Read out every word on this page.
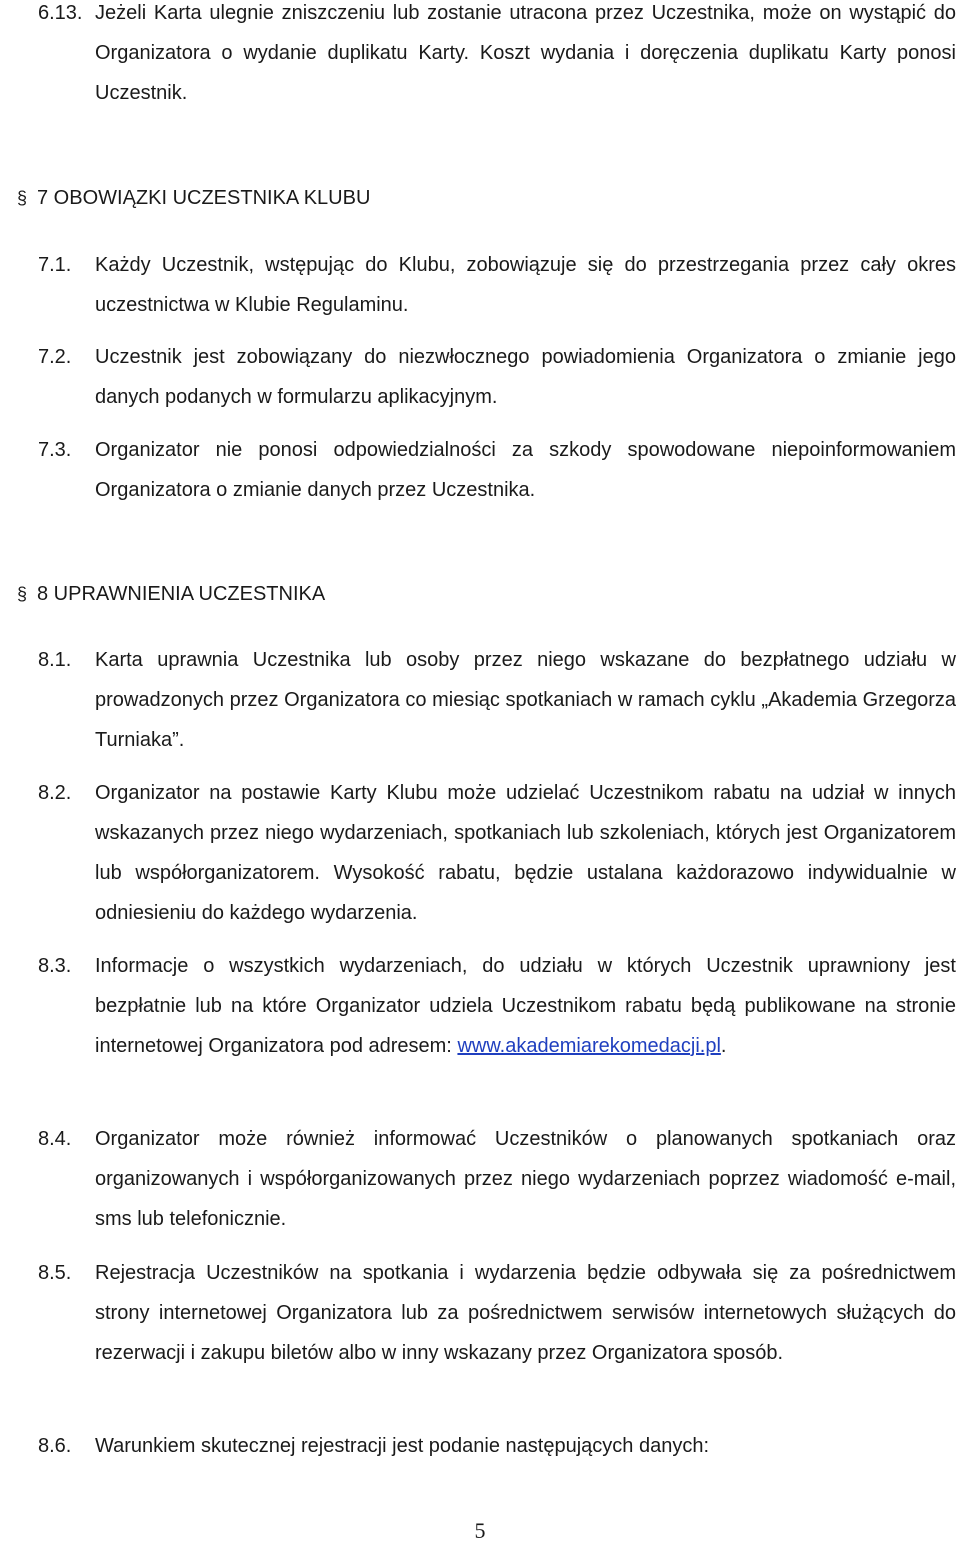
6.13. Jeżeli Karta ulegnie zniszczeniu lub zostanie utracona przez Uczestnika, może on wystąpić do Organizatora o wydanie duplikatu Karty. Koszt wydania i doręczenia duplikatu Karty ponosi Uczestnik.
§ 7 OBOWIĄZKI UCZESTNIKA KLUBU
7.1.	Każdy Uczestnik, wstępując do Klubu, zobowiązuje się do przestrzegania przez cały okres uczestnictwa w Klubie Regulaminu.
7.2.	Uczestnik jest zobowiązany do niezwłocznego powiadomienia Organizatora o zmianie jego danych podanych w formularzu aplikacyjnym.
7.3.	Organizator nie ponosi odpowiedzialności za szkody spowodowane niepoinformowaniem Organizatora o zmianie danych przez Uczestnika.
§ 8 UPRAWNIENIA UCZESTNIKA
8.1.	Karta uprawnia Uczestnika lub osoby przez niego wskazane do bezpłatnego udziału w prowadzonych przez Organizatora co miesiąc spotkaniach w ramach cyklu „Akademia Grzegorza Turniaka”.
8.2.	Organizator na postawie Karty Klubu może udzielać Uczestnikom rabatu na udział w innych wskazanych przez niego wydarzeniach, spotkaniach lub szkoleniach, których jest Organizatorem lub współorganizatorem. Wysokość rabatu, będzie ustalana każdorazowo indywidualnie w odniesieniu do każdego wydarzenia.
8.3.	Informacje o wszystkich wydarzeniach, do udziału w których Uczestnik uprawniony jest bezpłatnie lub na które Organizator udziela Uczestnikom rabatu będą publikowane na stronie internetowej Organizatora pod adresem: www.akademiarekomedacji.pl.
8.4.	Organizator może również informować Uczestników o planowanych spotkaniach oraz organizowanych i współorganizowanych przez niego wydarzeniach poprzez wiadomość e-mail, sms lub telefonicznie.
8.5.	Rejestracja Uczestników na spotkania i wydarzenia będzie odbywała się za pośrednictwem strony internetowej Organizatora lub za pośrednictwem serwisów internetowych służących do rezerwacji i zakupu biletów albo w inny wskazany przez Organizatora sposób.
8.6.	Warunkiem skutecznej rejestracji jest podanie następujących danych:
5
